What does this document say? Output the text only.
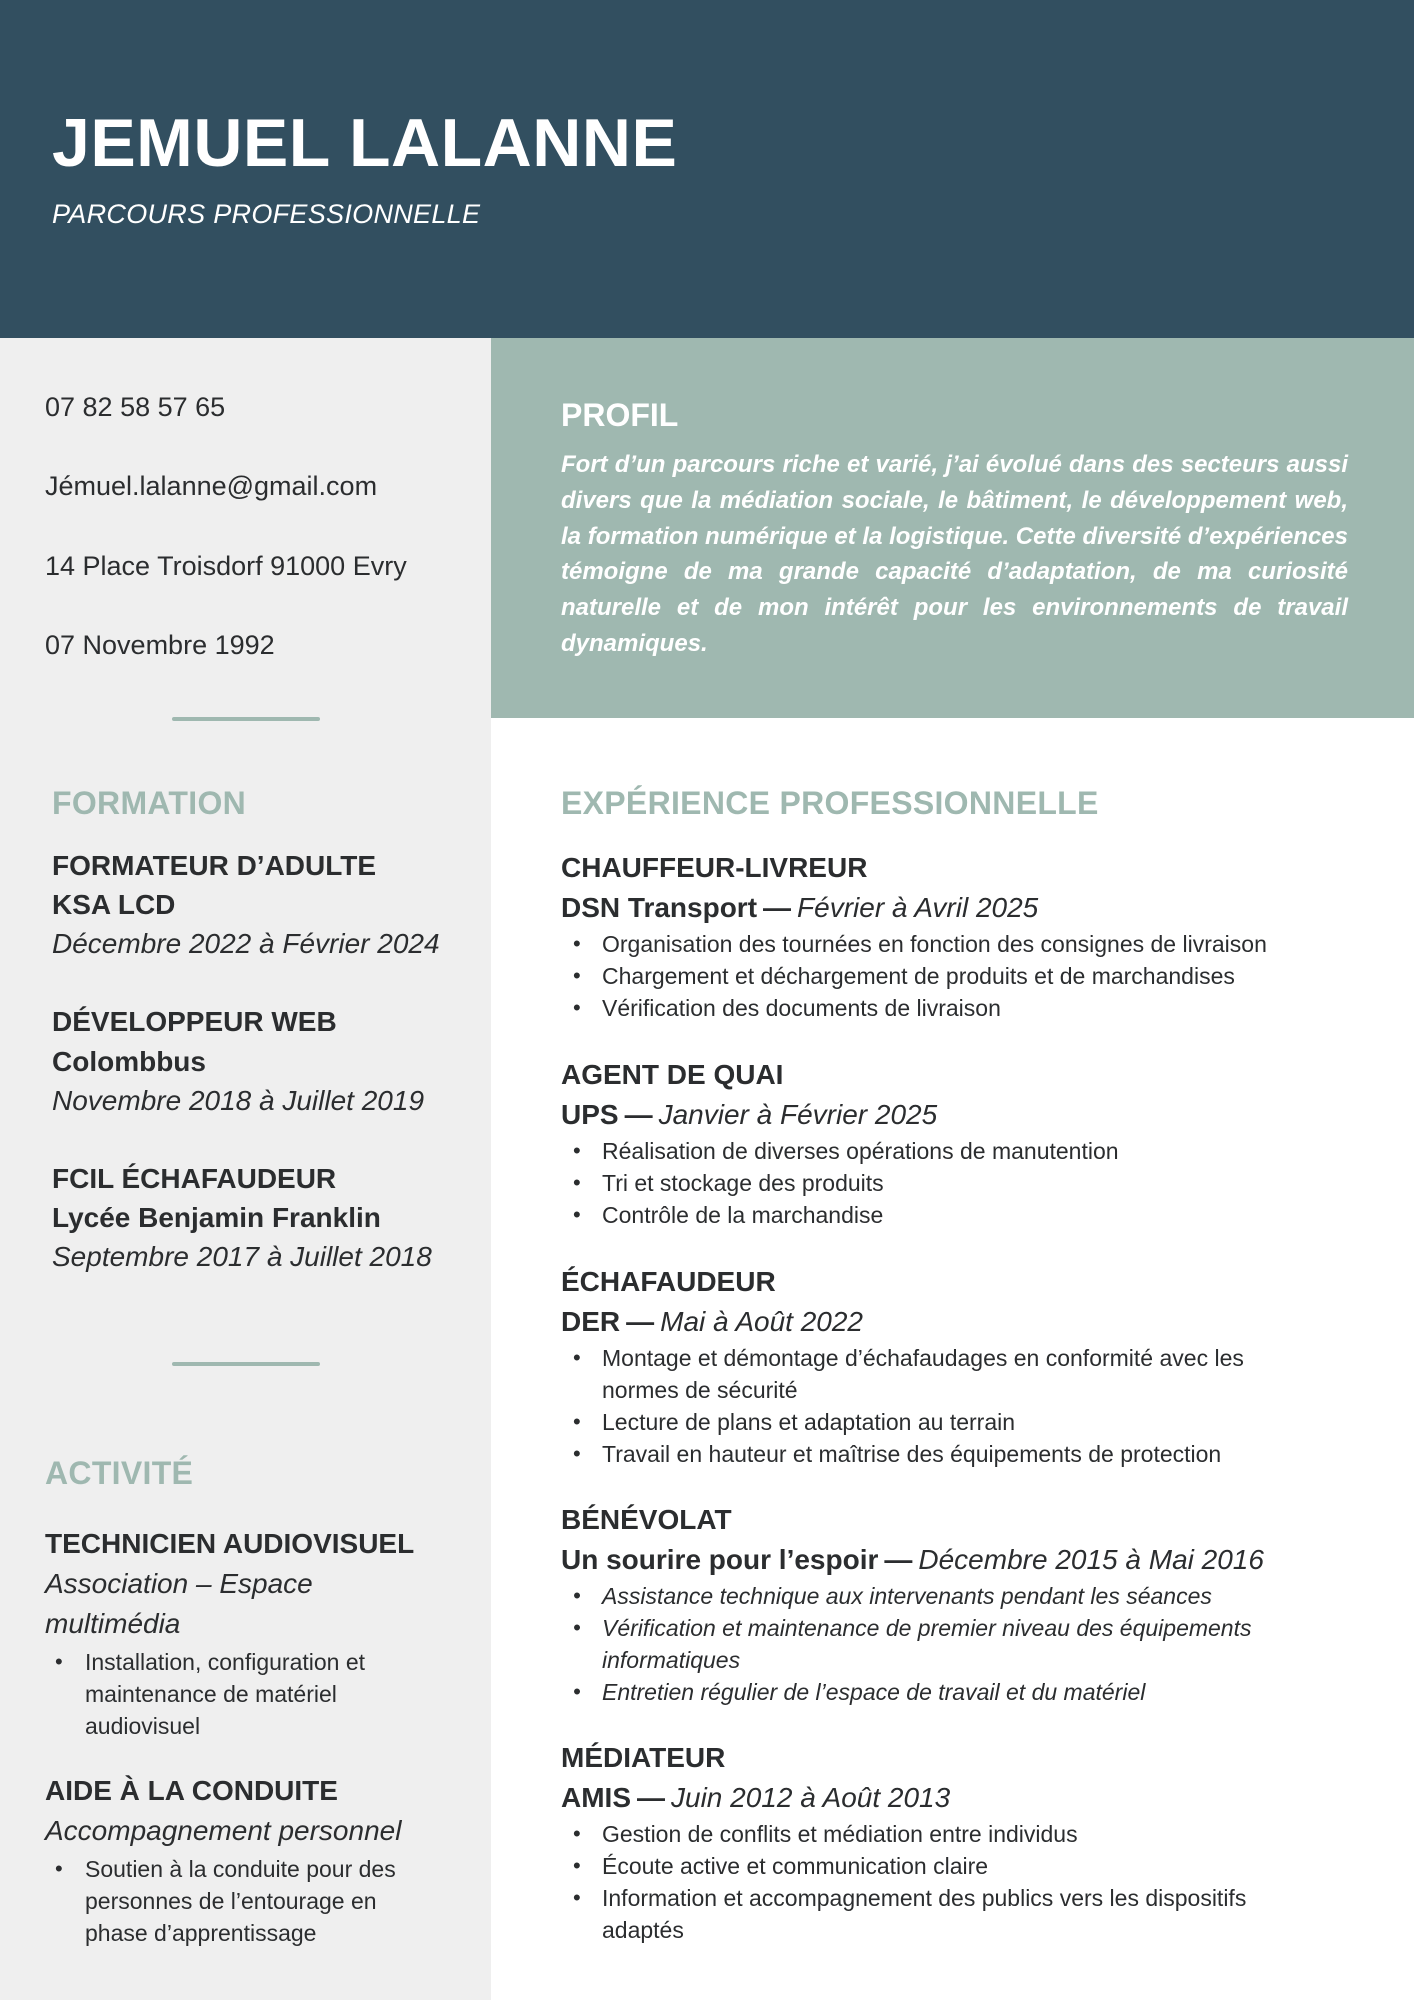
JEMUEL LALANNE
PARCOURS PROFESSIONNELLE
07 82 58 57 65
Jémuel.lalanne@gmail.com
14 Place Troisdorf 91000 Evry
07 Novembre 1992
FORMATION
FORMATEUR D’ADULTE
KSA LCD
Décembre 2022 à Février 2024
DÉVELOPPEUR WEB
Colombbus
Novembre 2018 à Juillet 2019
FCIL ÉCHAFAUDEUR
Lycée Benjamin Franklin
Septembre 2017 à Juillet 2018
ACTIVITÉ
TECHNICIEN AUDIOVISUEL
Association – Espace multimédia
• Installation, configuration et maintenance de matériel audiovisuel
AIDE À LA CONDUITE
Accompagnement personnel
• Soutien à la conduite pour des personnes de l’entourage en phase d’apprentissage
PROFIL
Fort d’un parcours riche et varié, j’ai évolué dans des secteurs aussi divers que la médiation sociale, le bâtiment, le développement web, la formation numérique et la logistique. Cette diversité d’expériences témoigne de ma grande capacité d’adaptation, de ma curiosité naturelle et de mon intérêt pour les environnements de travail dynamiques.
EXPÉRIENCE PROFESSIONNELLE
CHAUFFEUR-LIVREUR
DSN Transport — Février à Avril 2025
• Organisation des tournées en fonction des consignes de livraison
• Chargement et déchargement de produits et de marchandises
• Vérification des documents de livraison
AGENT DE QUAI
UPS — Janvier à Février 2025
• Réalisation de diverses opérations de manutention
• Tri et stockage des produits
• Contrôle de la marchandise
ÉCHAFAUDEUR
DER — Mai à Août 2022
• Montage et démontage d’échafaudages en conformité avec les normes de sécurité
• Lecture de plans et adaptation au terrain
• Travail en hauteur et maîtrise des équipements de protection
BÉNÉVOLAT
Un sourire pour l’espoir — Décembre 2015 à Mai 2016
• Assistance technique aux intervenants pendant les séances
• Vérification et maintenance de premier niveau des équipements informatiques
• Entretien régulier de l’espace de travail et du matériel
MÉDIATEUR
AMIS — Juin 2012 à Août 2013
• Gestion de conflits et médiation entre individus
• Écoute active et communication claire
• Information et accompagnement des publics vers les dispositifs adaptés
